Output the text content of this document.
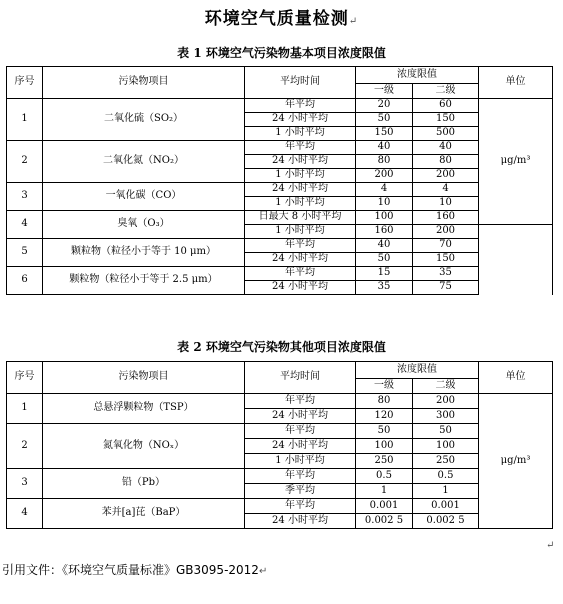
环境空气质量检测↵
表 1 环境空气污染物基本项目浓度限值
序号	污染物项目	平均时间	浓度限值		单位	
			一级	二级		
1	二氧化硫（SO₂）	年平均	20	60	μg/m³	
		24 小时平均	50	150		
		1 小时平均	150	500		
2	二氧化氮（NO₂）	年平均	40	40		
		24 小时平均	80	80		
		1 小时平均	200	200		
3	一氧化碳（CO）	24 小时平均	4	4	
		1 小时平均	10	10		
4	臭氧（O₃）	日最大 8 小时平均	100	160	
		1 小时平均	160	200		
5	颗粒物（粒径小于等于 10 μm）	年平均	40	70		
		24 小时平均	50	150		
6	颗粒物（粒径小于等于 2.5 μm）	年平均	15	35		
		24 小时平均	35	75		
表 2 环境空气污染物其他项目浓度限值
序号	污染物项目	平均时间	浓度限值		单位
			一级	二级	
1	总悬浮颗粒物（TSP）	年平均	80	200	μg/m³
		24 小时平均	120	300	
2	氮氧化物（NOₓ）	年平均	50	50	
		24 小时平均	100	100	
		1 小时平均	250	250	
3	铅（Pb）	年平均	0.5	0.5	
		季平均	1	1	
4	苯并[a]芘（BaP）	年平均	0.001	0.001	
		24 小时平均	0.002 5	0.002 5	
↵
引用文件：《环境空气质量标准》GB3095-2012↵
